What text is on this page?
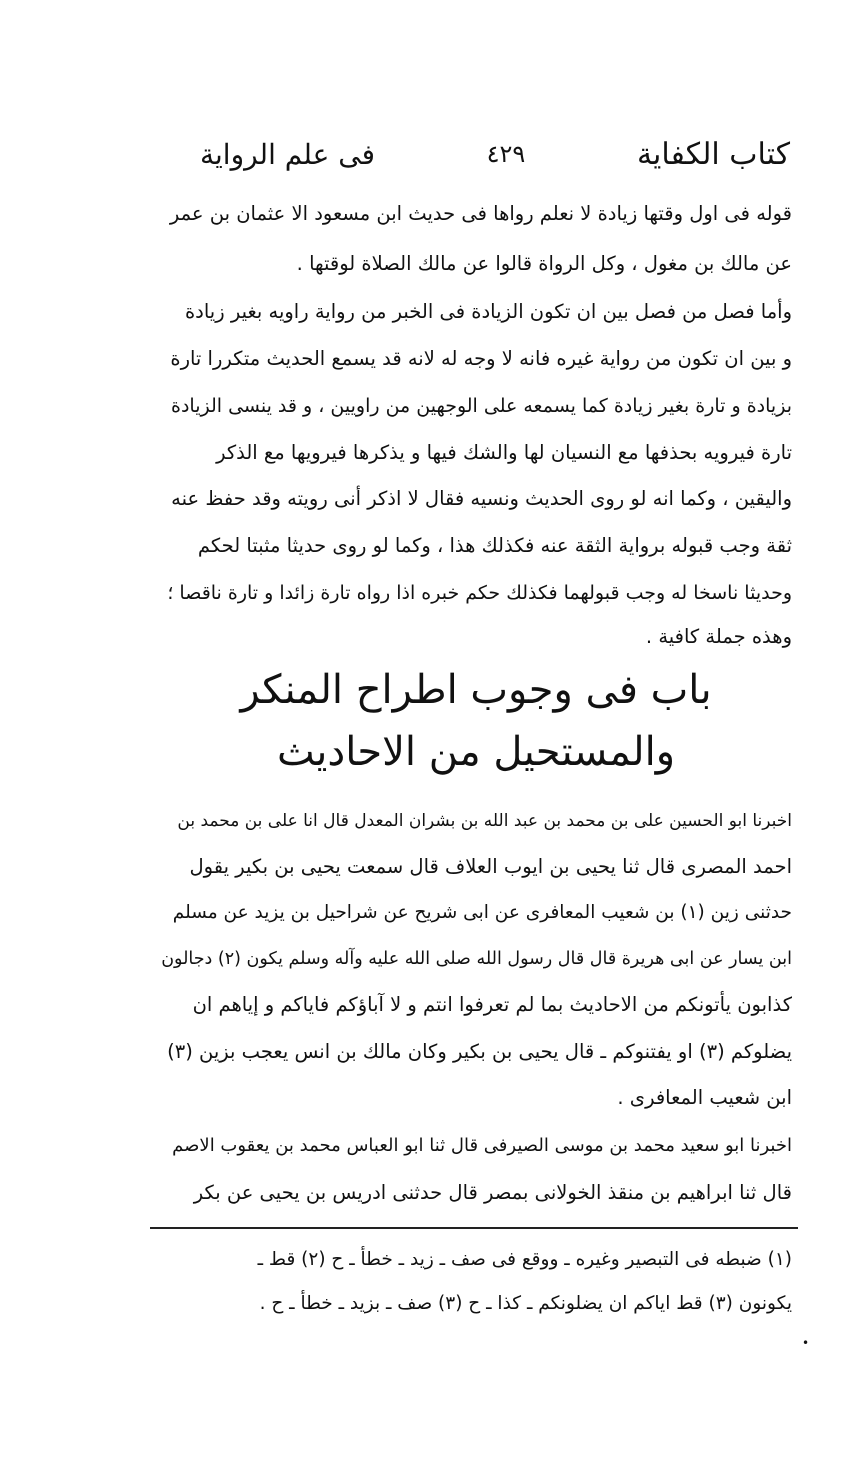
كتاب الكفاية
٤٢٩
فى علم الرواية
قوله فى اول وقتها زيادة لا نعلم رواها فى حديث ابن مسعود الا عثمان بن عمر
عن مالك بن مغول ، وكل الرواة قالوا عن مالك الصلاة لوقتها .
وأما فصل من فصل بين ان تكون الزيادة فى الخبر من رواية راويه بغير زيادة
و بين ان تكون من رواية غيره فانه لا وجه له لانه قد يسمع الحديث متكررا تارة
بزيادة و تارة بغير زيادة كما يسمعه على الوجهين من راويين ، و قد ينسى الزيادة
تارة فيرويه بحذفها مع النسيان لها والشك فيها و يذكرها فيرويها مع الذكر
واليقين ، وكما انه لو روى الحديث ونسيه فقال لا اذكر أنى رويته وقد حفظ عنه
ثقة وجب قبوله برواية الثقة عنه فكذلك هذا ، وكما لو روى حديثا مثبتا لحكم
وحديثا ناسخا له وجب قبولهما فكذلك حكم خبره اذا رواه تارة زائدا و تارة ناقصا ؛
وهذه جملة كافية .
باب فى وجوب اطراح المنكر
والمستحيل من الاحاديث
اخبرنا ابو الحسين على بن محمد بن عبد الله بن بشران المعدل قال انا على بن محمد بن
احمد المصرى قال ثنا يحيى بن ايوب العلاف قال سمعت يحيى بن بكير يقول
حدثنى زين (١) بن شعيب المعافرى عن ابى شريح عن شراحيل بن يزيد عن مسلم
ابن يسار عن ابى هريرة قال قال رسول الله صلى الله عليه وآله وسلم يكون (٢) دجالون
كذابون يأتونكم من الاحاديث بما لم تعرفوا انتم و لا آباؤكم فاياكم و إياهم ان
يضلوكم (٣) او يفتنوكم ـ قال يحيى بن بكير وكان مالك بن انس يعجب بزين (٣)
ابن شعيب المعافرى .
اخبرنا ابو سعيد محمد بن موسى الصيرفى قال ثنا ابو العباس محمد بن يعقوب الاصم
قال ثنا ابراهيم بن منقذ الخولانى بمصر قال حدثنى ادريس بن يحيى عن بكر
(١) ضبطه فى التبصير وغيره ـ ووقع فى صف ـ زيد ـ خطأ ـ ح (٢) قط ـ
يكونون (٣) قط اياكم ان يضلونكم ـ كذا ـ ح (٣) صف ـ بزيد ـ خطأ ـ ح .
•
